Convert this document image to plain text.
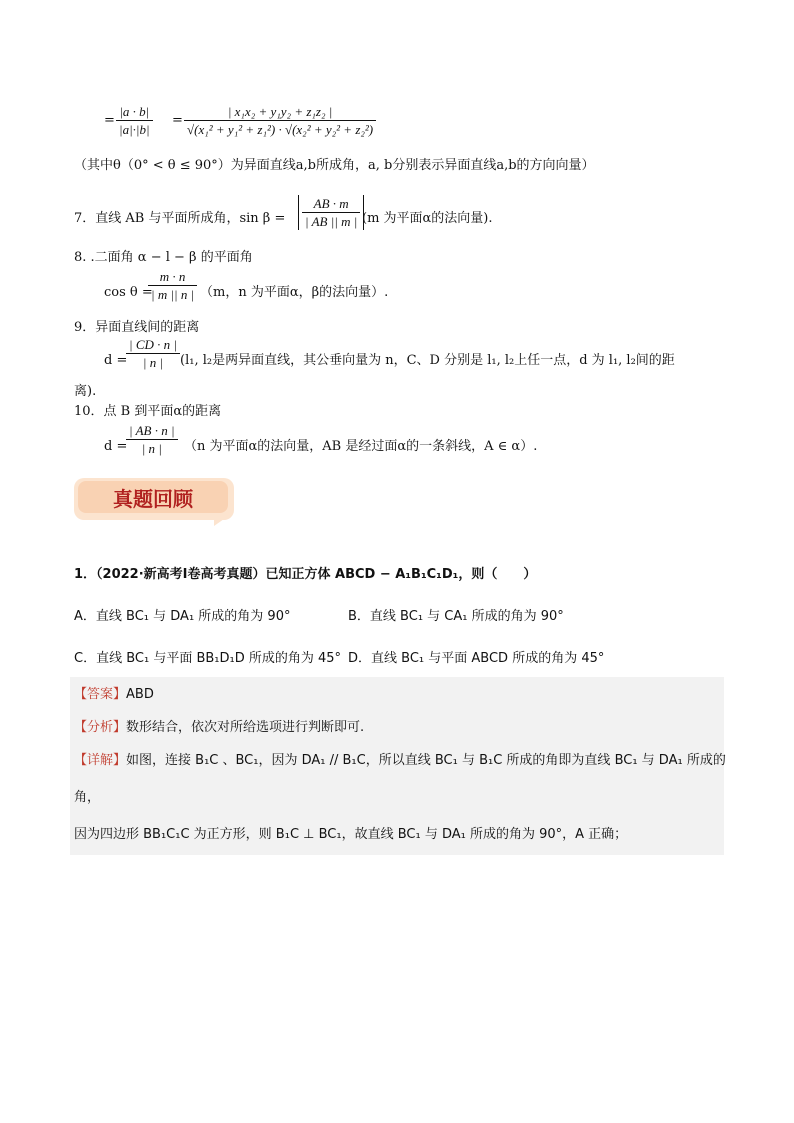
= $\frac{|a \cdot b|}{|a|\cdot|b|} = \frac{\text{| x₁x₂ + y₁y₂ + z₁z₂ |}}{\text{√(x₁² + y₁² + z₁²) · √(x₂² + y₂² + z₂²)}}$
（其中θ（0° < θ ≤ 90°）为异面直线a,b所成角，a, b分别表示异面直线a,b的方向向量）
7．直线 AB 与平面所成角，$\sin \beta = \frac{AB \cdot m}{| AB || m |}$
(m 为平面α的法向量).
8. .二面角 α − l − β 的平面角
cos θ =
$\frac{m \cdot n}{| m || n |} (m$，n 为平面α，β的法向量）.
9．异面直线间的距离
d =
$\frac{| CD \cdot n |}{| n |} (l_1$, l₂是两异面直线，其公垂向量为 n，C、D 分别是 l₁, l₂上任一点，d 为 l₁, l₂间的距
离).
10．点 B 到平面α的距离
d =
$\frac{| AB \cdot n |}{| n |} (n$ 为平面α的法向量，AB 是经过面α的一条斜线，A ∈ α）.
真题回顾
1．（2022·新高考Ⅰ卷高考真题）已知正方体 ABCD − A₁B₁C₁D₁，则（　　）
A．直线 BC₁ 与 DA₁ 所成的角为 90°	B．直线 BC₁ 与 CA₁ 所成的角为 90°
C．直线 BC₁ 与平面 BB₁D₁D 所成的角为 45° D．直线 BC₁ 与平面 ABCD 所成的角为 45°
【答案】ABD
【分析】数形结合，依次对所给选项进行判断即可.
【详解】如图，连接 B₁C 、BC₁，因为 DA₁ // B₁C，所以直线 BC₁ 与 B₁C 所成的角即为直线 BC₁ 与 DA₁ 所成的
角，
因为四边形 BB₁C₁C 为正方形，则 B₁C ⊥ BC₁，故直线 BC₁ 与 DA₁ 所成的角为 90°，A 正确；
